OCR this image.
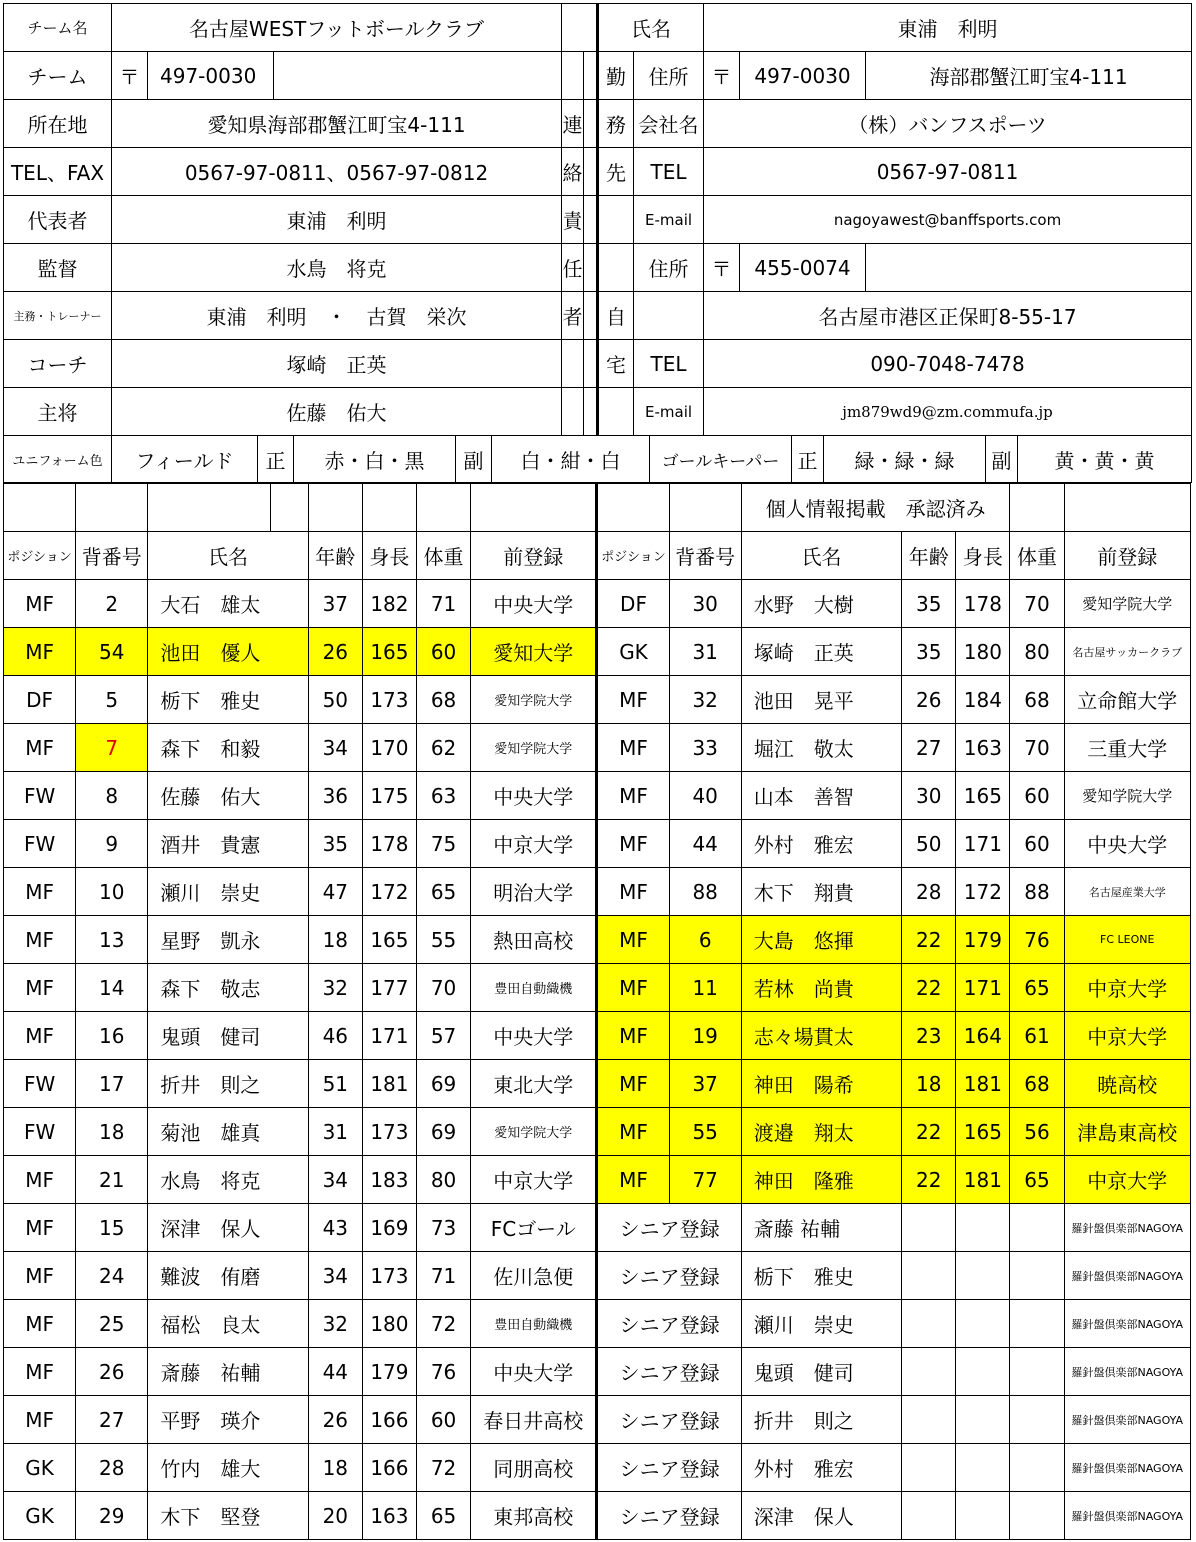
チーム名	名古屋WESTフットボールクラブ					氏名		東浦　利明		
チーム	〒	497-0030				勤	住所	〒	497-0030	海部郡蟹江町宝4-111
所在地	愛知県海部郡蟹江町宝4-111			連		務	会社名	（株）バンフスポーツ		
TEL、FAX	0567-97-0811、0567-97-0812			絡		先	TEL	0567-97-0811		
代表者	東浦　利明			責			E-mail	nagoyawest@banffsports.com		
監督	水鳥　将克			任			住所	〒	455-0074	
主務・トレーナー	東浦　利明　・　古賀　栄次			者		自		名古屋市港区正保町8-55-17		
コーチ	塚崎　正英					宅	TEL	090-7048-7478		
主将	佐藤　佑大						E-mail	jm879wd9@zm.commufa.jp		
ユニフォーム色	フィールド	正	赤・白・黒	副	白・紺・白	ゴールキーパー	正	緑・緑・緑	副	黄・黄・黄
										個人情報掲載　承認済み				
ポジション	背番号	氏名		年齢	身長	体重	前登録	ポジション	背番号	氏名	年齢	身長	体重	前登録
MF	2	大石　雄太		37	182	71	中央大学	DF	30	水野　大樹	35	178	70	愛知学院大学
MF	54	池田　優人		26	165	60	愛知大学	GK	31	塚崎　正英	35	180	80	名古屋サッカークラブ
DF	5	栃下　雅史		50	173	68	愛知学院大学	MF	32	池田　晃平	26	184	68	立命館大学
MF	7	森下　和毅		34	170	62	愛知学院大学	MF	33	堀江　敬太	27	163	70	三重大学
FW	8	佐藤　佑大		36	175	63	中央大学	MF	40	山本　善智	30	165	60	愛知学院大学
FW	9	酒井　貴憲		35	178	75	中京大学	MF	44	外村　雅宏	50	171	60	中央大学
MF	10	瀬川　崇史		47	172	65	明治大学	MF	88	木下　翔貴	28	172	88	名古屋産業大学
MF	13	星野　凱永		18	165	55	熱田高校	MF	6	大島　悠揮	22	179	76	FC LEONE
MF	14	森下　敬志		32	177	70	豊田自動織機	MF	11	若林　尚貴	22	171	65	中京大学
MF	16	鬼頭　健司		46	171	57	中央大学	MF	19	志々場貫太	23	164	61	中京大学
FW	17	折井　則之		51	181	69	東北大学	MF	37	神田　陽希	18	181	68	暁高校
FW	18	菊池　雄真		31	173	69	愛知学院大学	MF	55	渡邉　翔太	22	165	56	津島東高校
MF	21	水鳥　将克		34	183	80	中京大学	MF	77	神田　隆雅	22	181	65	中京大学
MF	15	深津　保人		43	169	73	FCゴール	シニア登録		斎藤 祐輔				羅針盤倶楽部NAGOYA
MF	24	難波　侑磨		34	173	71	佐川急便	シニア登録		栃下　雅史				羅針盤倶楽部NAGOYA
MF	25	福松　良太		32	180	72	豊田自動織機	シニア登録		瀬川　崇史				羅針盤倶楽部NAGOYA
MF	26	斎藤　祐輔		44	179	76	中央大学	シニア登録		鬼頭　健司				羅針盤倶楽部NAGOYA
MF	27	平野　瑛介		26	166	60	春日井高校	シニア登録		折井　則之				羅針盤倶楽部NAGOYA
GK	28	竹内　雄大		18	166	72	同朋高校	シニア登録		外村　雅宏				羅針盤倶楽部NAGOYA
GK	29	木下　堅登		20	163	65	東邦高校	シニア登録		深津　保人				羅針盤倶楽部NAGOYA
